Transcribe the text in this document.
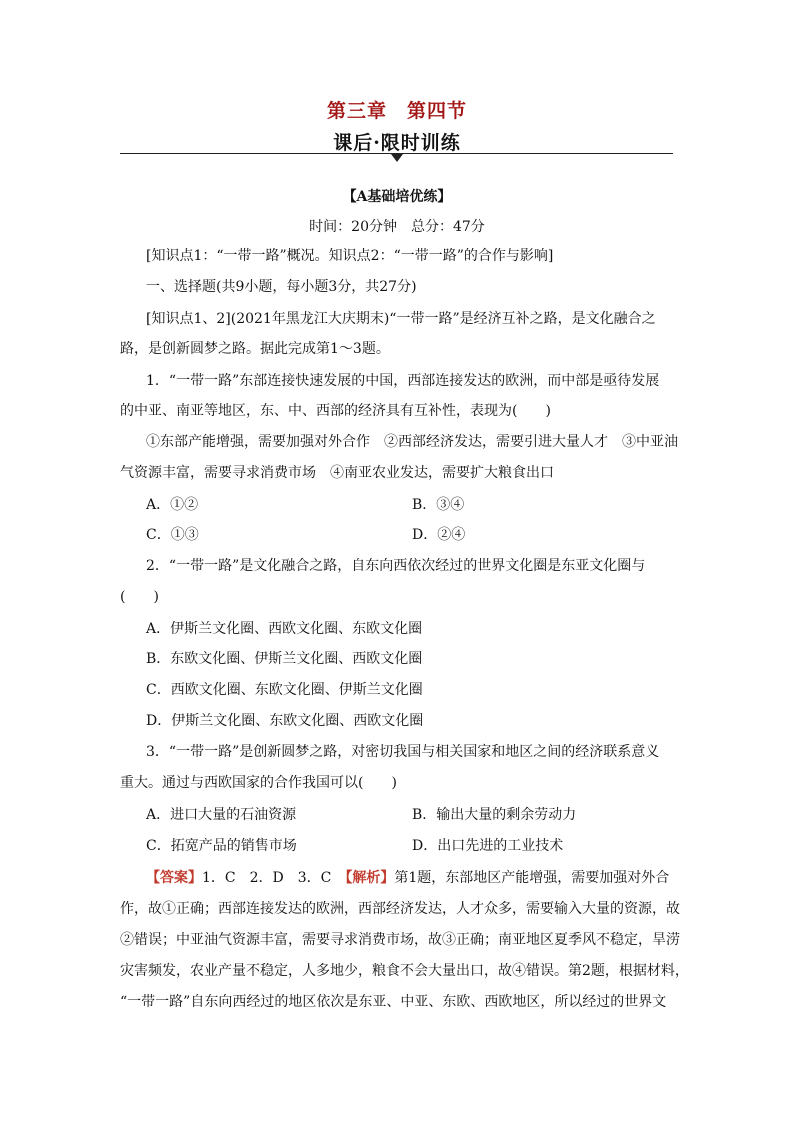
第三章　第四节
课后·限时训练
【A基础培优练】
时间：20分钟　总分：47分
[知识点1：“一带一路”概况。知识点2：“一带一路”的合作与影响]
一、选择题(共9小题，每小题3分，共27分)
[知识点1、2](2021年黑龙江大庆期末)“一带一路”是经济互补之路，是文化融合之
路，是创新圆梦之路。据此完成第1～3题。
1．“一带一路”东部连接快速发展的中国，西部连接发达的欧洲，而中部是亟待发展
的中亚、南亚等地区，东、中、西部的经济具有互补性，表现为(　　)
①东部产能增强，需要加强对外合作　②西部经济发达，需要引进大量人才　③中亚油
气资源丰富，需要寻求消费市场　④南亚农业发达，需要扩大粮食出口
A．①②	B．③④
C．①③	D．②④
2．“一带一路”是文化融合之路，自东向西依次经过的世界文化圈是东亚文化圈与
(　　)
A．伊斯兰文化圈、西欧文化圈、东欧文化圈
B．东欧文化圈、伊斯兰文化圈、西欧文化圈
C．西欧文化圈、东欧文化圈、伊斯兰文化圈
D．伊斯兰文化圈、东欧文化圈、西欧文化圈
3．“一带一路”是创新圆梦之路，对密切我国与相关国家和地区之间的经济联系意义
重大。通过与西欧国家的合作我国可以(　　)
A．进口大量的石油资源	B．输出大量的剩余劳动力
C．拓宽产品的销售市场	D．出口先进的工业技术
【答案】1．C　2．D　3．C　【解析】第1题，东部地区产能增强，需要加强对外合
作，故①正确；西部连接发达的欧洲，西部经济发达，人才众多，需要输入大量的资源，故
②错误；中亚油气资源丰富，需要寻求消费市场，故③正确；南亚地区夏季风不稳定，旱涝
灾害频发，农业产量不稳定，人多地少，粮食不会大量出口，故④错误。第2题，根据材料，
“一带一路”自东向西经过的地区依次是东亚、中亚、东欧、西欧地区，所以经过的世界文
